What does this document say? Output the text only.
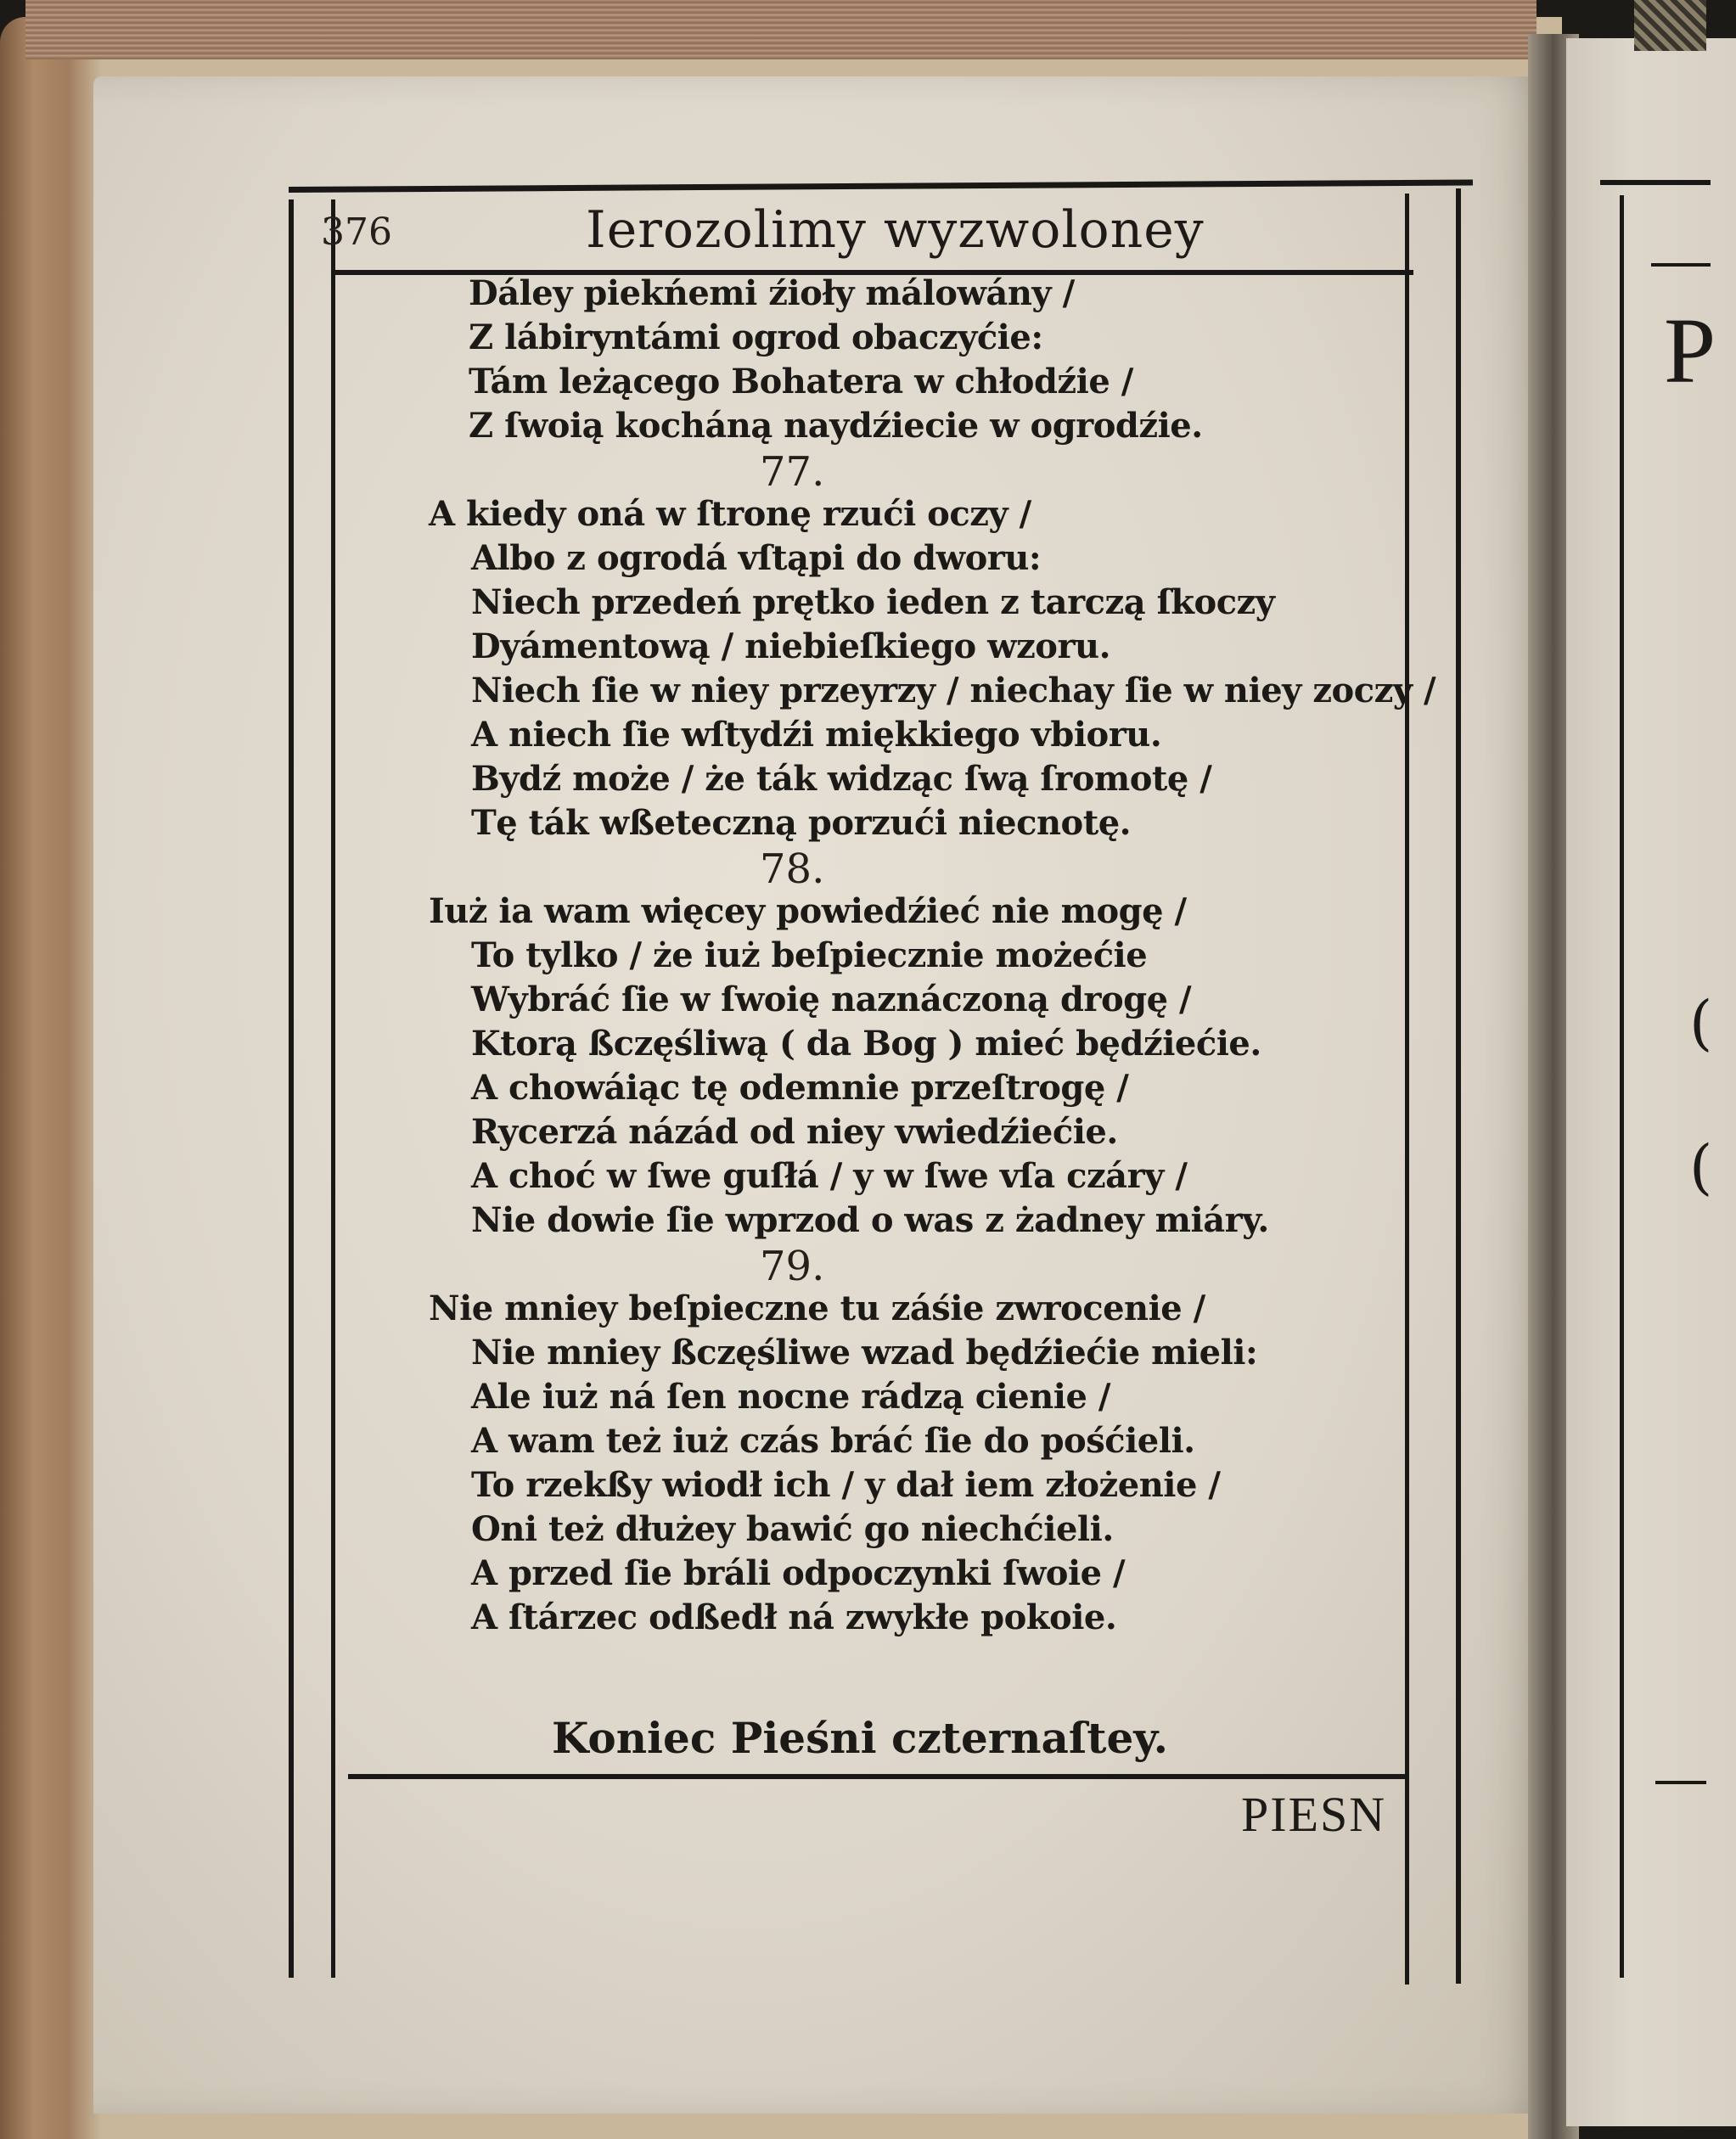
P
(
(
376	Ierozolimy wyzwoloney
Dáley piekńemi źioły málowány /
Z lábiryntámi ogrod obaczyćie:
Tám leżącego Bohatera w chłodźie /
Z ſwoią kocháną naydźiecie w ogrodźie.
77.
A kiedy oná w ſtronę rzući oczy /
Albo z ogrodá vſtąpi do dworu:
Niech przedeń prętko ieden z tarczą ſkoczy
Dyámentową / niebieſkiego wzoru.
Niech ſie w niey przeyrzy / niechay ſie w niey zoczy /
A niech ſie wſtydźi miękkiego vbioru.
Bydź może / że ták widząc ſwą ſromotę /
Tę ták wßeteczną porzući niecnotę.
78.
Iuż ia wam więcey powiedźieć nie mogę /
To tylko / że iuż beſpiecznie możećie
Wybráć ſie w ſwoię naznáczoną drogę /
Ktorą ßczęśliwą ( da Bog ) mieć będźiećie.
A chowáiąc tę odemnie przeſtrogę /
Rycerzá názád od niey vwiedźiećie.
A choć w ſwe guſłá / y w ſwe vſa czáry /
Nie dowie ſie wprzod o was z żadney miáry.
79.
Nie mniey beſpieczne tu záśie zwrocenie /
Nie mniey ßczęśliwe wzad będźiećie mieli:
Ale iuż ná ſen nocne rádzą cienie /
A wam też iuż czás bráć ſie do pośćieli.
To rzekßy wiodł ich / y dał iem złożenie /
Oni też dłużey bawić go niechćieli.
A przed ſie bráli odpoczynki ſwoie /
A ſtárzec odßedł ná zwykłe pokoie.
Koniec Pieśni czternaſtey.
PIESN
